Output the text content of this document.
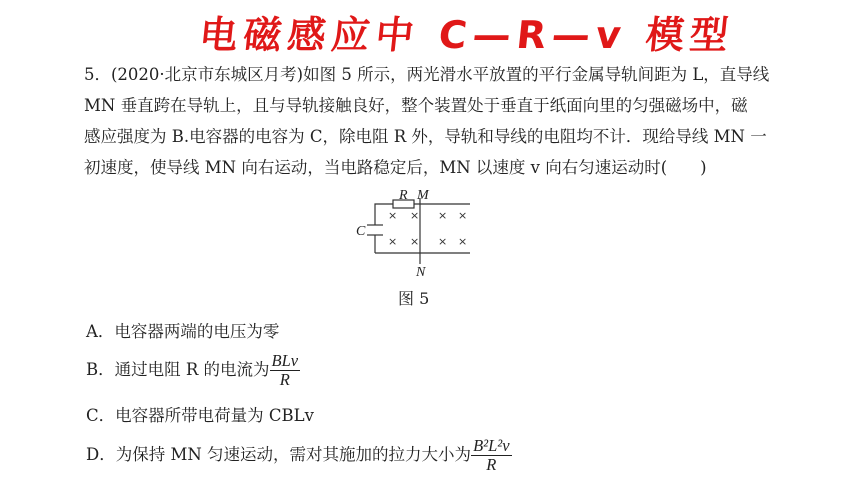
电磁感应中 C—R—v 模型
5．(2020·北京市东城区月考)如图 5 所示，两光滑水平放置的平行金属导轨间距为 L，直导线
MN 垂直跨在导轨上，且与导轨接触良好，整个装置处于垂直于纸面向里的匀强磁场中，磁
感应强度为 B.电容器的电容为 C，除电阻 R 外，导轨和导线的电阻均不计．现给导线 MN 一
初速度，使导线 MN 向右运动，当电路稳定后，MN 以速度 v 向右匀速运动时(　　)
× × × ×
× × × ×
R M
N
C
图 5
A．电容器两端的电压为零
B．通过电阻 R 的电流为 $\frac{\text{BLv}}{R}$
C．电容器所带电荷量为 CBLv
D．为保持 MN 匀速运动，需对其施加的拉力大小为 $\frac{\text{B²L²v}}{R}$
